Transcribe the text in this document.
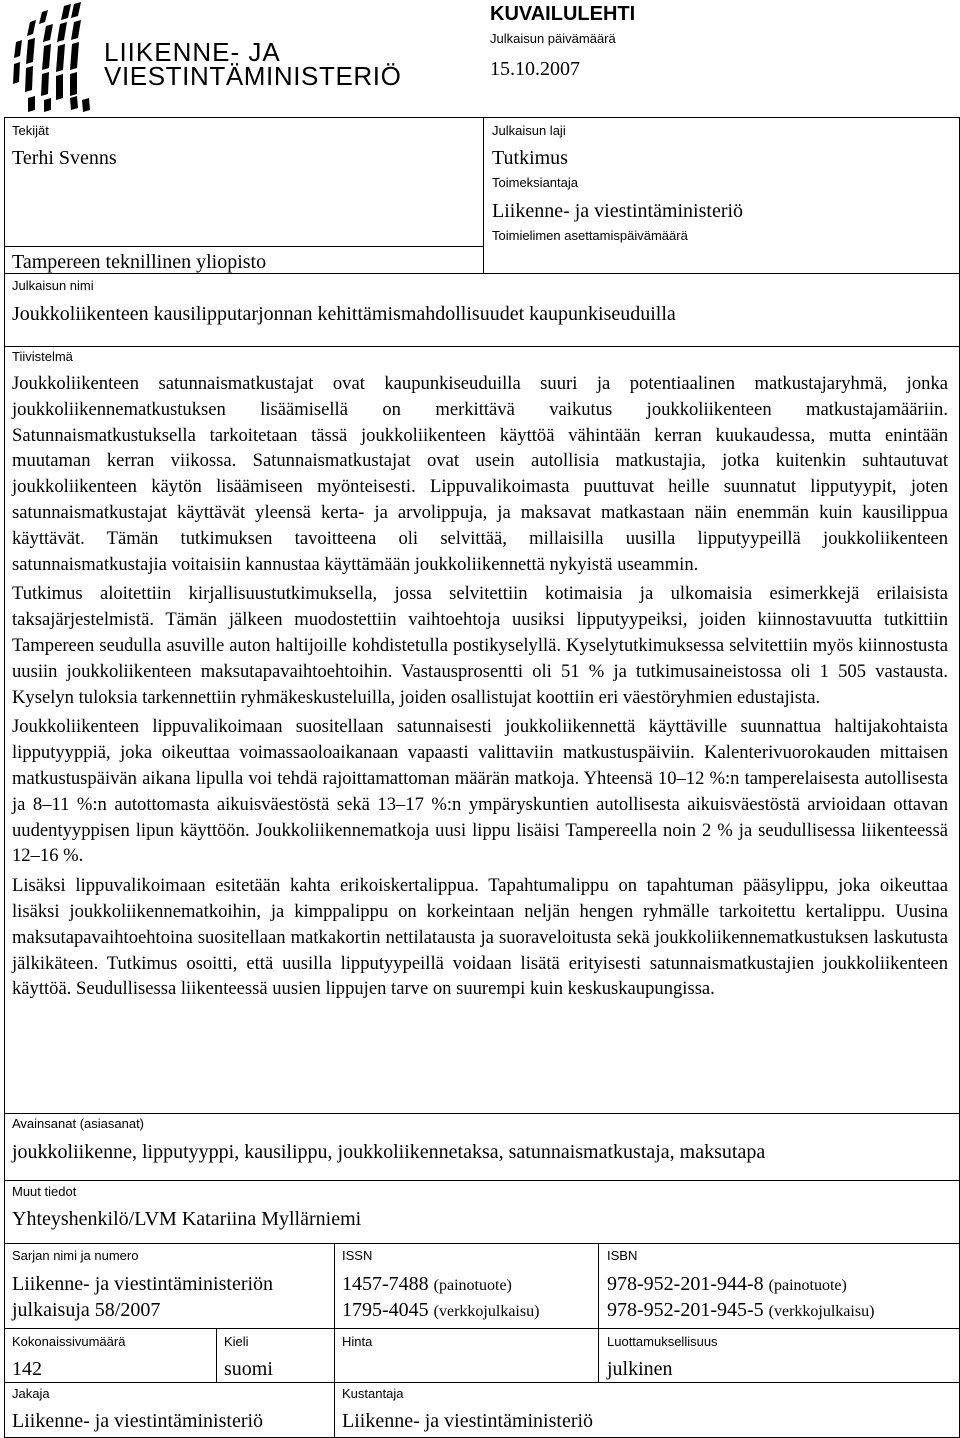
LIIKENNE- JA
VIESTINTÄMINISTERIÖ
KUVAILULEHTI
Julkaisun päivämäärä
15.10.2007
Tekijät
Terhi Svenns
Tampereen teknillinen yliopisto
Julkaisun laji
Tutkimus
Toimeksiantaja
Liikenne- ja viestintäministeriö
Toimielimen asettamispäivämäärä
Julkaisun nimi
Joukkoliikenteen kausilipputarjonnan kehittämismahdollisuudet kaupunkiseuduilla
Tiivistelmä

Joukkoliikenteen satunnaismatkustajat ovat kaupunkiseuduilla suuri ja potentiaalinen matkustajaryhmä, jonka joukkoliikennematkustuksen lisäämisellä on merkittävä vaikutus joukkoliikenteen matkustajamääriin. Satunnaismatkustuksella tarkoitetaan tässä joukkoliikenteen käyttöä vähintään kerran kuukaudessa, mutta enintään muutaman kerran viikossa. Satunnaismatkustajat ovat usein autollisia matkustajia, jotka kuitenkin suhtautuvat joukkoliikenteen käytön lisäämiseen myönteisesti. Lippuvalikoimasta puuttuvat heille suunnatut lipputyypit, joten satunnaismatkustajat käyttävät yleensä kerta- ja arvolippuja, ja maksavat matkastaan näin enemmän kuin kausilippua käyttävät. Tämän tutkimuksen tavoitteena oli selvittää, millaisilla uusilla lipputyypeillä joukkoliikenteen satunnaismatkustajia voitaisiin kannustaa käyttämään joukkoliikennettä nykyistä useammin.

Tutkimus aloitettiin kirjallisuustutkimuksella, jossa selvitettiin kotimaisia ja ulkomaisia esimerkkejä erilaisista taksajärjestelmistä. Tämän jälkeen muodostettiin vaihtoehtoja uusiksi lipputyypeiksi, joiden kiinnostavuutta tutkittiin Tampereen seudulla asuville auton haltijoille kohdistetulla postikyselyllä. Kyselytutkimuksessa selvitettiin myös kiinnostusta uusiin joukkoliikenteen maksutapavaihtoehtoihin. Vastausprosentti oli 51 % ja tutkimusaineistossa oli 1 505 vastausta. Kyselyn tuloksia tarkennettiin ryhmäkeskusteluilla, joiden osallistujat koottiin eri väestöryhmien edustajista.

Joukkoliikenteen lippuvalikoimaan suositellaan satunnaisesti joukkoliikennettä käyttäville suunnattua haltijakohtaista lipputyyppiä, joka oikeuttaa voimassaoloaikanaan vapaasti valittaviin matkustuspäiviin. Kalenterivuorokauden mittaisen matkustuspäivän aikana lipulla voi tehdä rajoittamattoman määrän matkoja. Yhteensä 10–12 %:n tamperelaisesta autollisesta ja 8–11 %:n autottomasta aikuisväestöstä sekä 13–17 %:n ympäryskuntien autollisesta aikuisväestöstä arvioidaan ottavan uudentyyppisen lipun käyttöön. Joukkoliikennematkoja uusi lippu lisäisi Tampereella noin 2 % ja seudullisessa liikenteessä 12–16 %.

Lisäksi lippuvalikoimaan esitetään kahta erikoiskertalippua. Tapahtumalippu on tapahtuman pääsylippu, joka oikeuttaa lisäksi joukkoliikennematkoihin, ja kimppalippu on korkeintaan neljän hengen ryhmälle tarkoitettu kertalippu. Uusina maksutapavaihtoehtoina suositellaan matkakortin nettilatausta ja suoraveloitusta sekä joukkoliikennematkustuksen laskutusta jälkikäteen. Tutkimus osoitti, että uusilla lipputyypeillä voidaan lisätä erityisesti satunnaismatkustajien joukkoliikenteen käyttöä. Seudullisessa liikenteessä uusien lippujen tarve on suurempi kuin keskuskaupungissa.

Avainsanat (asiasanat)
joukkoliikenne, lipputyyppi, kausilippu, joukkoliikennetaksa, satunnaismatkustaja, maksutapa
Muut tiedot
Yhteyshenkilö/LVM Katariina Myllärniemi
Sarjan nimi ja numero
Liikenne- ja viestintäministeriön
julkaisuja 58/2007
ISSN
1457-7488 (painotuote)
1795-4045 (verkkojulkaisu)
ISBN
978-952-201-944-8 (painotuote)
978-952-201-945-5 (verkkojulkaisu)
Kokonaissivumäärä
142
Kieli
suomi
Hinta	Luottamuksellisuus
julkinen
Jakaja
Liikenne- ja viestintäministeriö
Kustantaja
Liikenne- ja viestintäministeriö
